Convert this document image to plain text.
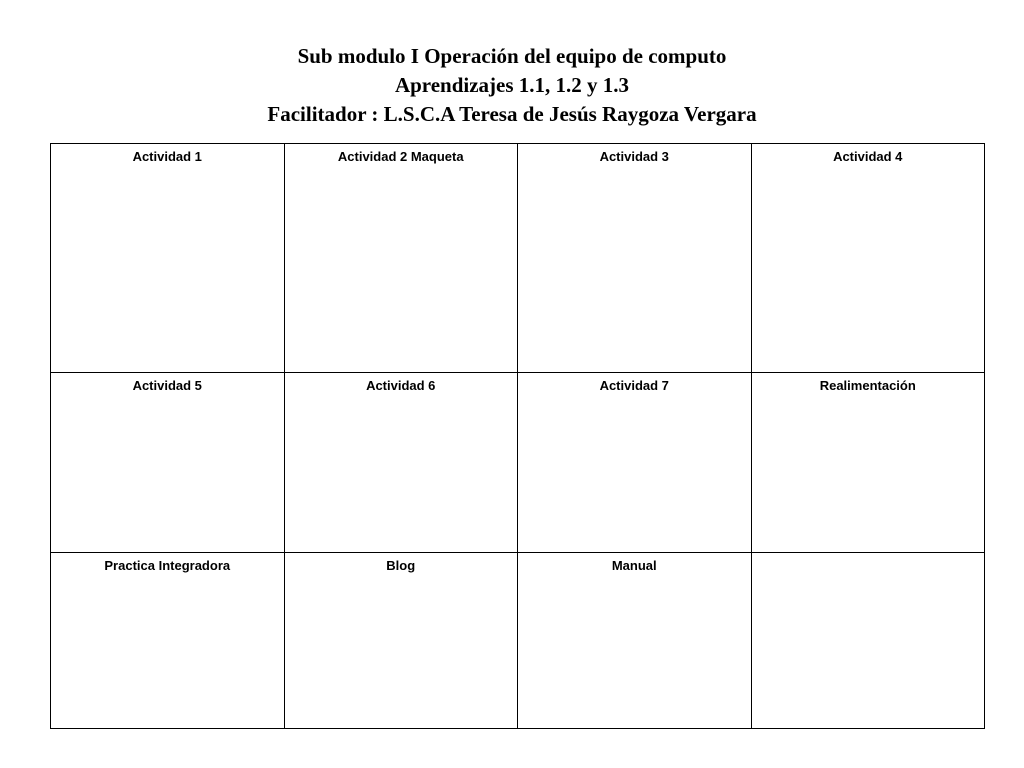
Sub modulo I Operación del equipo de computo
Aprendizajes 1.1, 1.2 y 1.3
Facilitador : L.S.C.A Teresa de Jesús Raygoza Vergara
Actividad 1	Actividad 2 Maqueta	Actividad 3	Actividad 4
Actividad 5	Actividad 6	Actividad 7	Realimentación
Practica Integradora	Blog	Manual	
